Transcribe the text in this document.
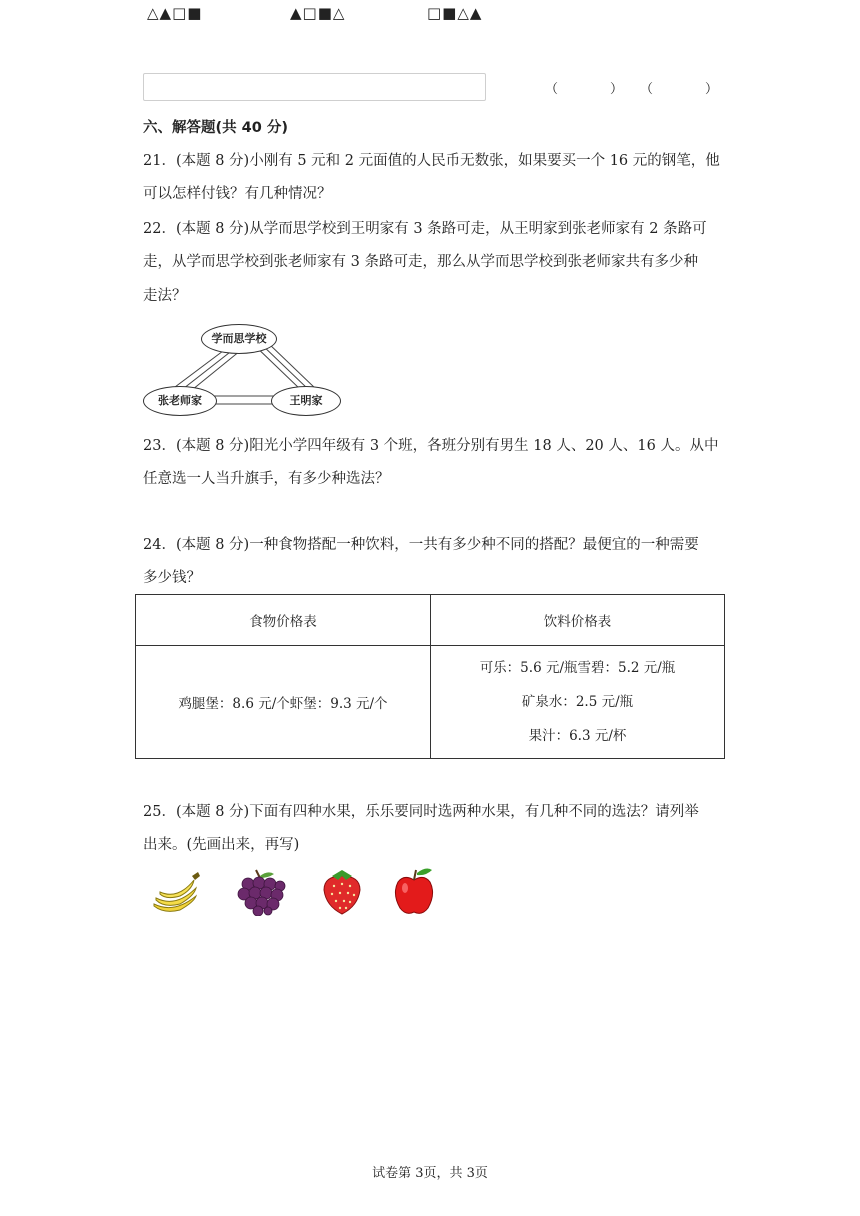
△▲□■	▲□■△	□■△▲
（　　　　） （　　　　）
六、解答题(共 40 分)
21．(本题 8 分)小刚有 5 元和 2 元面值的人民币无数张，如果要买一个 16 元的钢笔，他
可以怎样付钱？有几种情况？
22．(本题 8 分)从学而思学校到王明家有 3 条路可走，从王明家到张老师家有 2 条路可
走，从学而思学校到张老师家有 3 条路可走，那么从学而思学校到张老师家共有多少种
走法？
学而思学校
张老师家	王明家
23．(本题 8 分)阳光小学四年级有 3 个班，各班分别有男生 18 人、20 人、16 人。从中
任意选一人当升旗手，有多少种选法？
24．(本题 8 分)一种食物搭配一种饮料，一共有多少种不同的搭配？最便宜的一种需要
多少钱？
食物价格表	饮料价格表
鸡腿堡：8.6 元/个虾堡：9.3 元/个	可乐：5.6 元/瓶雪碧：5.2 元/瓶
矿泉水：2.5 元/瓶
果汁：6.3 元/杯
25．(本题 8 分)下面有四种水果，乐乐要同时选两种水果，有几种不同的选法？请列举
出来。(先画出来，再写)
试卷第 3页，共 3页
